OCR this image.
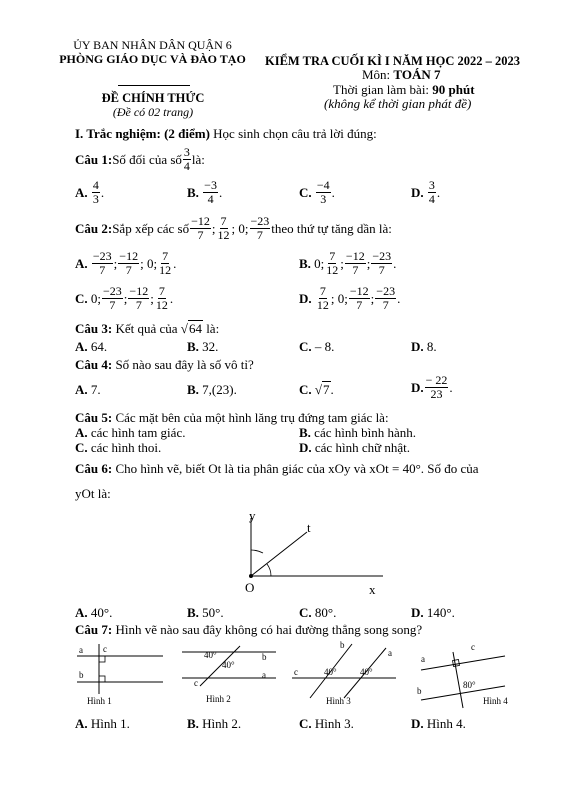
ỦY BAN NHÂN DÂN QUẬN 6
PHÒNG GIÁO DỤC VÀ ĐÀO TẠO
ĐỀ CHÍNH THỨC
(Đề có 02 trang)
KIỂM TRA CUỐI KÌ I NĂM HỌC 2022 – 2023
Môn: TOÁN 7
Thời gian làm bài: 90 phút
(không kể thời gian phát đề)
I. Trắc nghiệm: (2 điểm) Học sinh chọn câu trả lời đúng:
Câu 1: Số đối của số $\frac{3}{4}$ là:
A.
$\frac{4}{3}$ .	B.
$\frac{-3}{4}$ .	C.
$\frac{-4}{3}$ .	D.
$\frac{3}{4}$ .
Câu 2: Sắp xếp các số $\frac{-12}{7}$ ; $\frac{7}{12}$ ; 0 ; $\frac{-23}{7}$ theo thứ tự tăng dần là:
A.
$\frac{-23}{7}$ ; $\frac{-12}{7}$ ; 0 ; $\frac{7}{12}$ .	B.
0 ; $\frac{7}{12}$ ; $\frac{-12}{7}$ ; $\frac{-23}{7}$ .
C.
0 ; $\frac{-23}{7}$ ; $\frac{-12}{7}$ ; $\frac{7}{12}$ .	D.
$\frac{7}{12}$ ; 0 ; $\frac{-12}{7}$ ; $\frac{-23}{7}$ .
Câu 3: Kết quả của √64 là:
A. 64.	B. 32.	C. – 8.	D. 8.
Câu 4: Số nào sau đây là số vô tỉ?
A. 7.	B. 7,(23).	C. √7.	D. $\frac{- 22}{23}$ .
Câu 5: Các mặt bên của một hình lăng trụ đứng tam giác là:
A. các hình tam giác.	B. các hình bình hành.
C. các hình thoi.	D. các hình chữ nhật.
Câu 6: Cho hình vẽ, biết Ot là tia phân giác của xOy và xOt = 40°. Số đo của
yOt là:
y
t
O	x
A. 40°.	B. 50°.	C. 80°.	D. 140°.
Câu 7: Hình vẽ nào sau đây không có hai đường thẳng song song?
a
b
c
Hình 1
40°
40°
b
a
c
Hình 2
c	40°	40°
b
a
Hình 3
a
c
b
80°
Hình 4
A. Hình 1.	B. Hình 2.	C. Hình 3.	D. Hình 4.
